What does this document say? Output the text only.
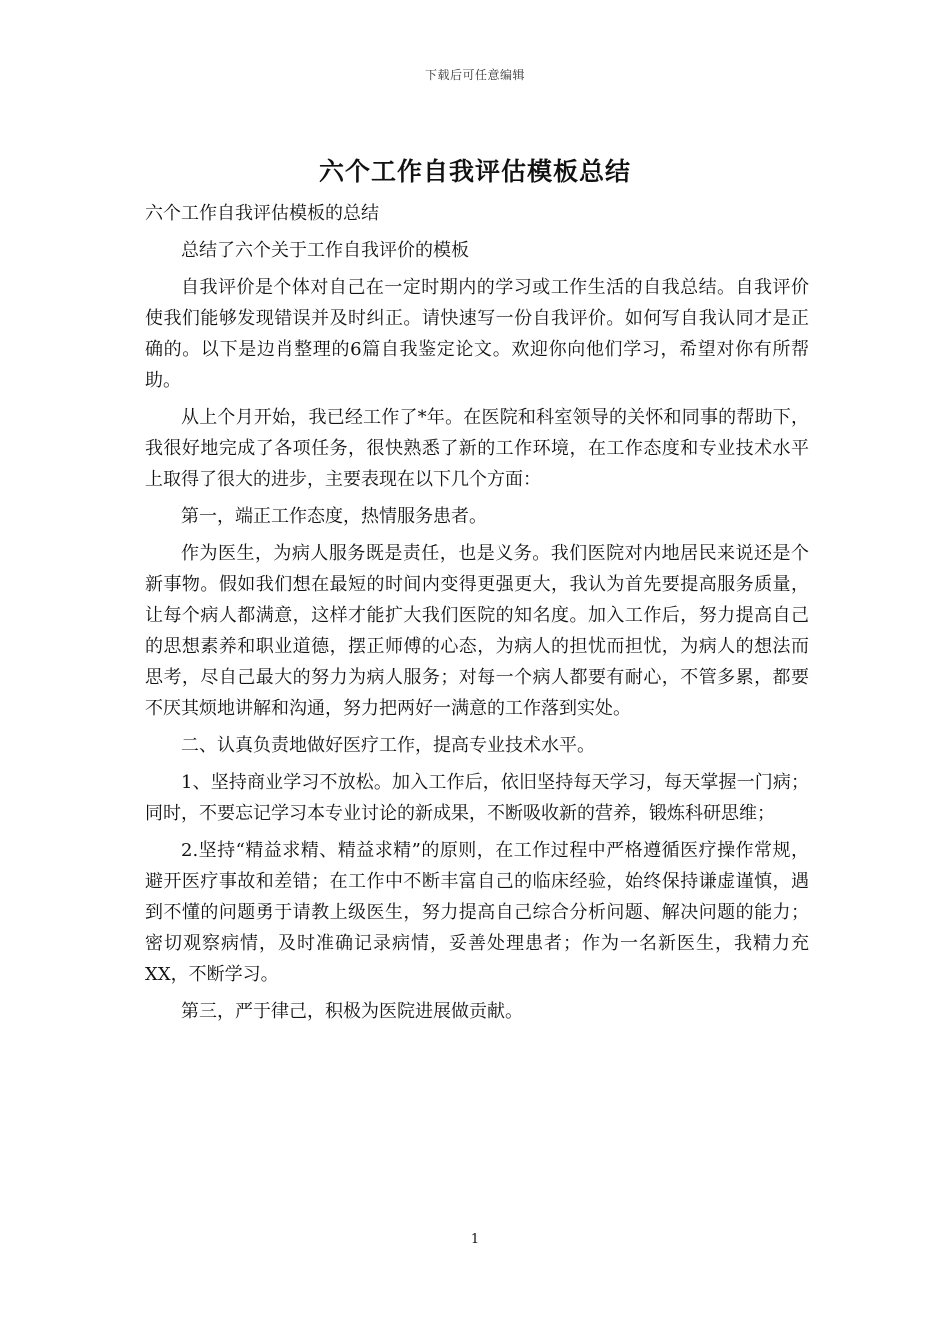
下载后可任意编辑
六个工作自我评估模板总结

六个工作自我评估模板的总结

总结了六个关于工作自我评价的模板

自我评价是个体对自己在一定时期内的学习或工作生活的自我总结。自我评价使我们能够发现错误并及时纠正。请快速写一份自我评价。如何写自我认同才是正确的。以下是边肖整理的6篇自我鉴定论文。欢迎你向他们学习，希望对你有所帮助。

从上个月开始，我已经工作了*年。在医院和科室领导的关怀和同事的帮助下，我很好地完成了各项任务，很快熟悉了新的工作环境，在工作态度和专业技术水平上取得了很大的进步，主要表现在以下几个方面：

第一，端正工作态度，热情服务患者。

作为医生，为病人服务既是责任，也是义务。我们医院对内地居民来说还是个新事物。假如我们想在最短的时间内变得更强更大，我认为首先要提高服务质量，让每个病人都满意，这样才能扩大我们医院的知名度。加入工作后，努力提高自己的思想素养和职业道德，摆正师傅的心态，为病人的担忧而担忧，为病人的想法而思考，尽自己最大的努力为病人服务；对每一个病人都要有耐心，不管多累，都要不厌其烦地讲解和沟通，努力把两好一满意的工作落到实处。

二、认真负责地做好医疗工作，提高专业技术水平。

1、坚持商业学习不放松。加入工作后，依旧坚持每天学习，每天掌握一门病；同时，不要忘记学习本专业讨论的新成果，不断吸收新的营养，锻炼科研思维；

2.坚持“精益求精、精益求精”的原则，在工作过程中严格遵循医疗操作常规，避开医疗事故和差错；在工作中不断丰富自己的临床经验，始终保持谦虚谨慎，遇到不懂的问题勇于请教上级医生，努力提高自己综合分析问题、解决问题的能力；密切观察病情，及时准确记录病情，妥善处理患者；作为一名新医生，我精力充XX，不断学习。

第三，严于律己，积极为医院进展做贡献。

1
